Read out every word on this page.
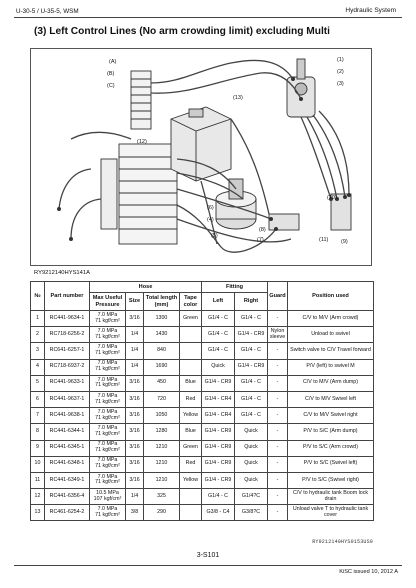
U-30-5 / U-35-5, WSM	Hydraulic System
(3) Left Control Lines (No arm crowding limit) excluding Multi
(A)
(B)
(C)
(13)
(12)
(6)
(4)
(5)
(7)
(8)
(10)
(9)
(11)
(3)
(2)
(1)
RY9212140HYS141A
№	Part number	Hose				Fitting		Guard	Position used
		Max Useful Pressure	Size	Total length (mm)	Tape color	Left	Right		
1	RC441-9634-1	7.0 MPa
71 kgf/cm²	3/16	1300	Green	G1/4 - C	G1/4 - C	-	C/V to M/V (Arm crowd)
2	RC718-6256-2	7.0 MPa
71 kgf/cm²	1/4	1430		G1/4 - C	G1/4 - CR9	Nylon sleeve	Unload to swivel
3	RC641-6257-1	7.0 MPa
71 kgf/cm²	1/4	840		G1/4 - C	G1/4 - C	-	Switch valve to C/V Travel forward
4	RC718-6937-2	7.0 MPa
71 kgf/cm²	1/4	1690		Quick	G1/4 - CR9	-	P/V (left) to swivel M
5	RC441-9633-1	7.0 MPa
71 kgf/cm²	3/16	450	Blue	G1/4 - CR9	G1/4 - C	-	C/V to M/V (Arm dump)
6	RC441-9637-1	7.0 MPa
71 kgf/cm²	3/16	720	Red	G1/4 - CR4	G1/4 - C	-	C/V to M/V Swivel left
7	RC441-9638-1	7.0 MPa
71 kgf/cm²	3/16	1050	Yellow	G1/4 - CR4	G1/4 - C	-	C/V to M/V Swivel right
8	RC441-6344-1	7.0 MPa
71 kgf/cm²	3/16	1280	Blue	G1/4 - CR9	Quick	-	P/V to S/C (Arm dump)
9	RC441-6345-1	7.0 MPa
71 kgf/cm²	3/16	1210	Green	G1/4 - CR9	Quick	-	P/V to S/C (Arm crowd)
10	RC441-6348-1	7.0 MPa
71 kgf/cm²	3/16	1210	Red	G1/4 - CR9	Quick	-	P/V to S/C (Swivel left)
11	RC441-6349-1	7.0 MPa
71 kgf/cm²	3/16	1210	Yellow	G1/4 - CR9	Quick	-	P/V to S/C (Swivel right)
12	RC441-6356-4	10.5 MPa
107 kgf/cm²	1/4	325		G1/4 - C	G1/4?C	-	C/V to hydraulic tank Boom lock drain
13	RC461-6254-2	7.0 MPa
71 kgf/cm²	3/8	290		G3/8 - C4	G3/8?C	-	Unload valve T to hydraulic tank cover
RY9212140HYS0153US0
3-S101
KiSC issued 10, 2012 A
